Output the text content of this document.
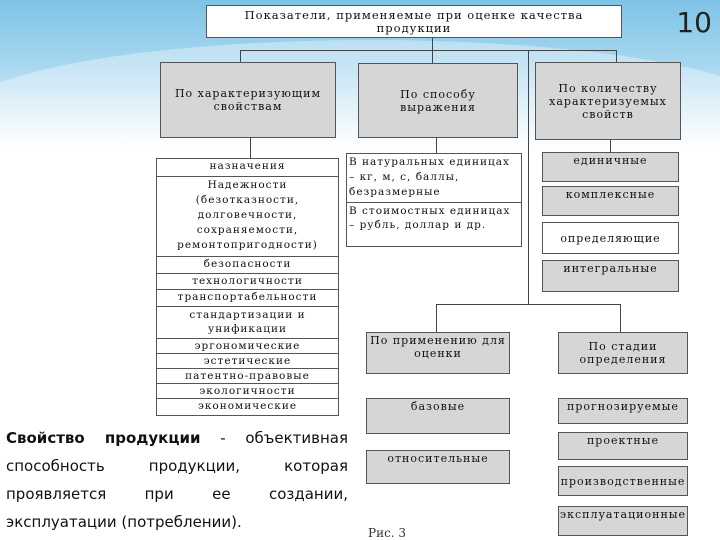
10
Показатели, применяемые при оценке качества продукции
По характеризующим свойствам
По способу выражения
По количеству характеризуемых свойств
назначения
Надежности (безотказности, долговечности, сохраняемости, ремонтопригодности)
безопасности
технологичности
транспортабельности
стандартизации и унификации
эргономические
эстетические
патентно-правовые
экологичности
экономические
В натуральных единицах – кг, м, с, баллы, безразмерные
В стоимостных единицах – рубль, доллар и др.
единичные
комплексные
определяющие
интегральные
По применению для оценки
По стадии определения
базовые
относительные
прогнозируемые
проектные
производственные
эксплуатационные
Свойство продукции - объективная способность продукции, которая проявляется при ее создании, эксплуатации (потреблении).
Рис. 3
